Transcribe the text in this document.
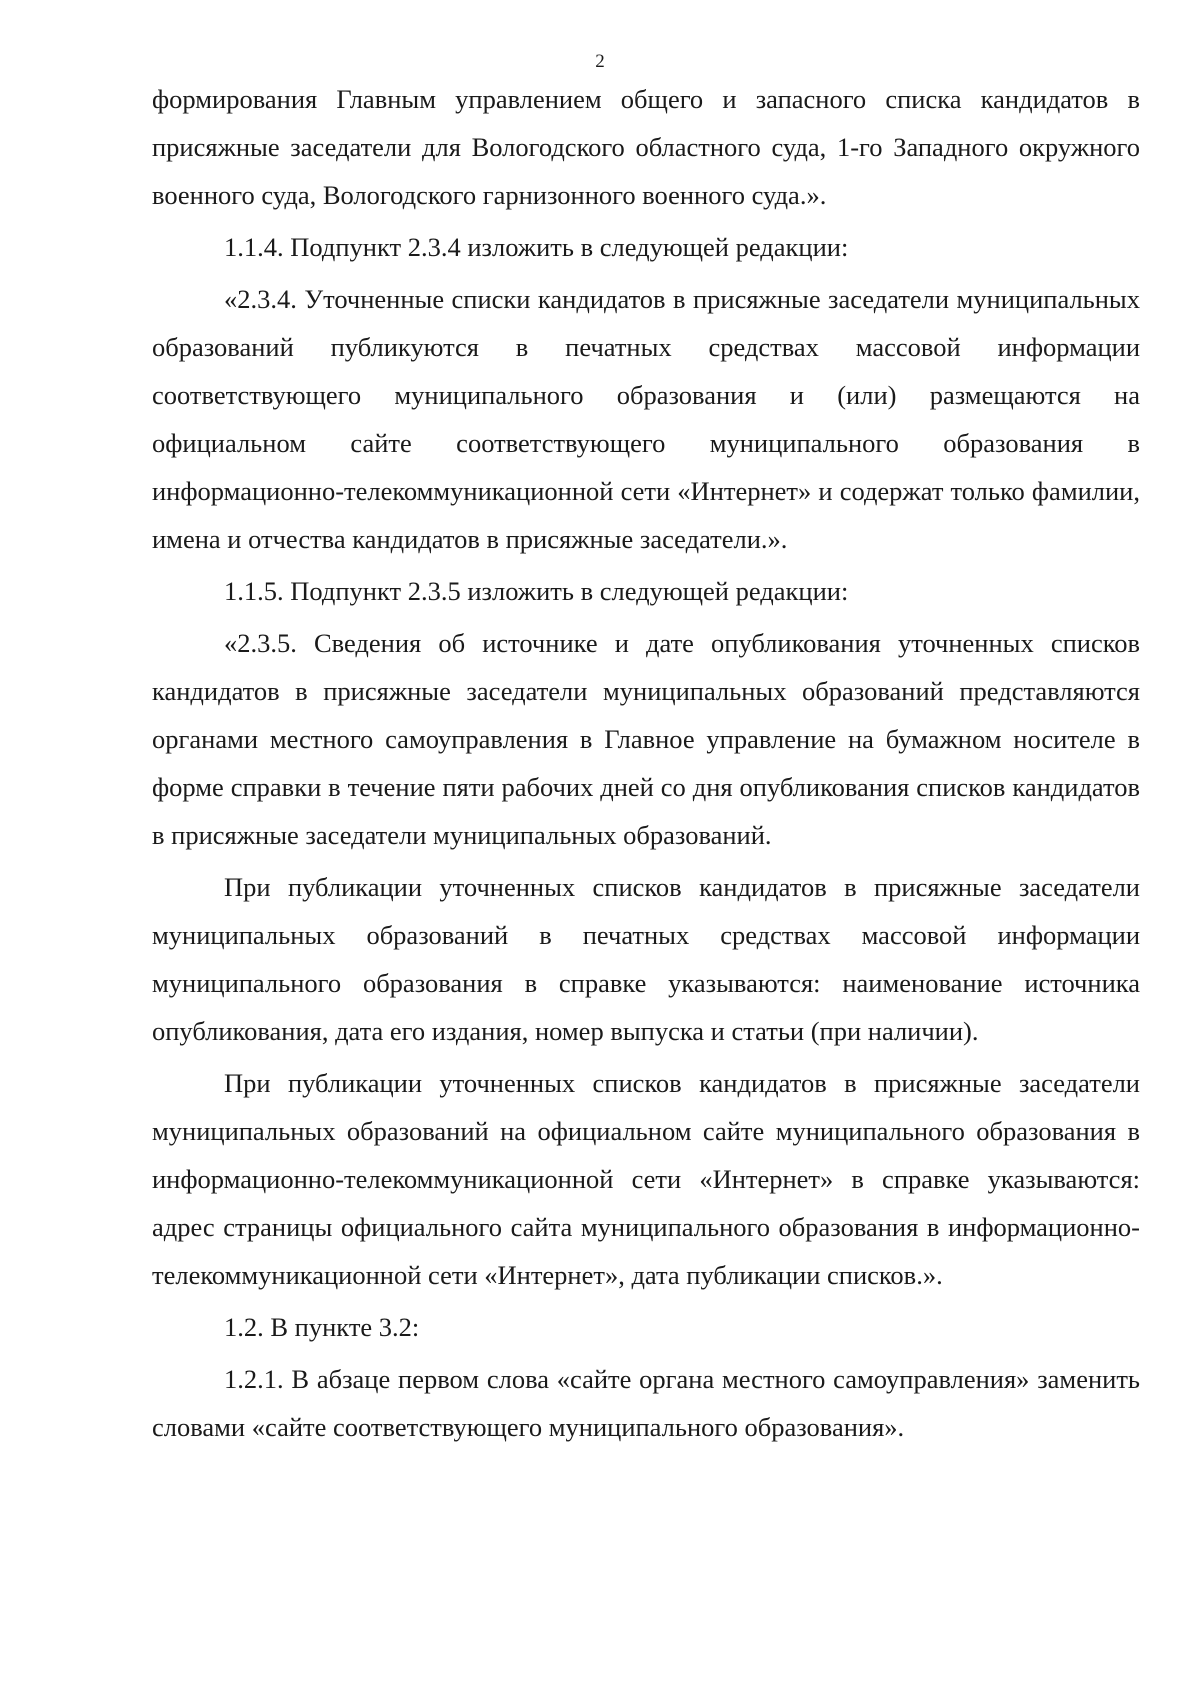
2

формирования Главным управлением общего и запасного списка кандидатов в присяжные заседатели для Вологодского областного суда, 1-го Западного окружного военного суда, Вологодского гарнизонного военного суда.».

1.1.4. Подпункт 2.3.4 изложить в следующей редакции:

«2.3.4. Уточненные списки кандидатов в присяжные заседатели муниципальных образований публикуются в печатных средствах массовой информации соответствующего муниципального образования и (или) размещаются на официальном сайте соответствующего муниципального образования в информационно-телекоммуникационной сети «Интернет» и содержат только фамилии, имена и отчества кандидатов в присяжные заседатели.».

1.1.5. Подпункт 2.3.5 изложить в следующей редакции:

«2.3.5. Сведения об источнике и дате опубликования уточненных списков кандидатов в присяжные заседатели муниципальных образований представляются органами местного самоуправления в Главное управление на бумажном носителе в форме справки в течение пяти рабочих дней со дня опубликования списков кандидатов в присяжные заседатели муниципальных образований.

При публикации уточненных списков кандидатов в присяжные заседатели муниципальных образований в печатных средствах массовой информации муниципального образования в справке указываются: наименование источника опубликования, дата его издания, номер выпуска и статьи (при наличии).

При публикации уточненных списков кандидатов в присяжные заседатели муниципальных образований на официальном сайте муниципального образования в информационно-телекоммуникационной сети «Интернет» в справке указываются: адрес страницы официального сайта муниципального образования в информационно-телекоммуникационной сети «Интернет», дата публикации списков.».

1.2. В пункте 3.2:

1.2.1. В абзаце первом слова «сайте органа местного самоуправления» заменить словами «сайте соответствующего муниципального образования».
